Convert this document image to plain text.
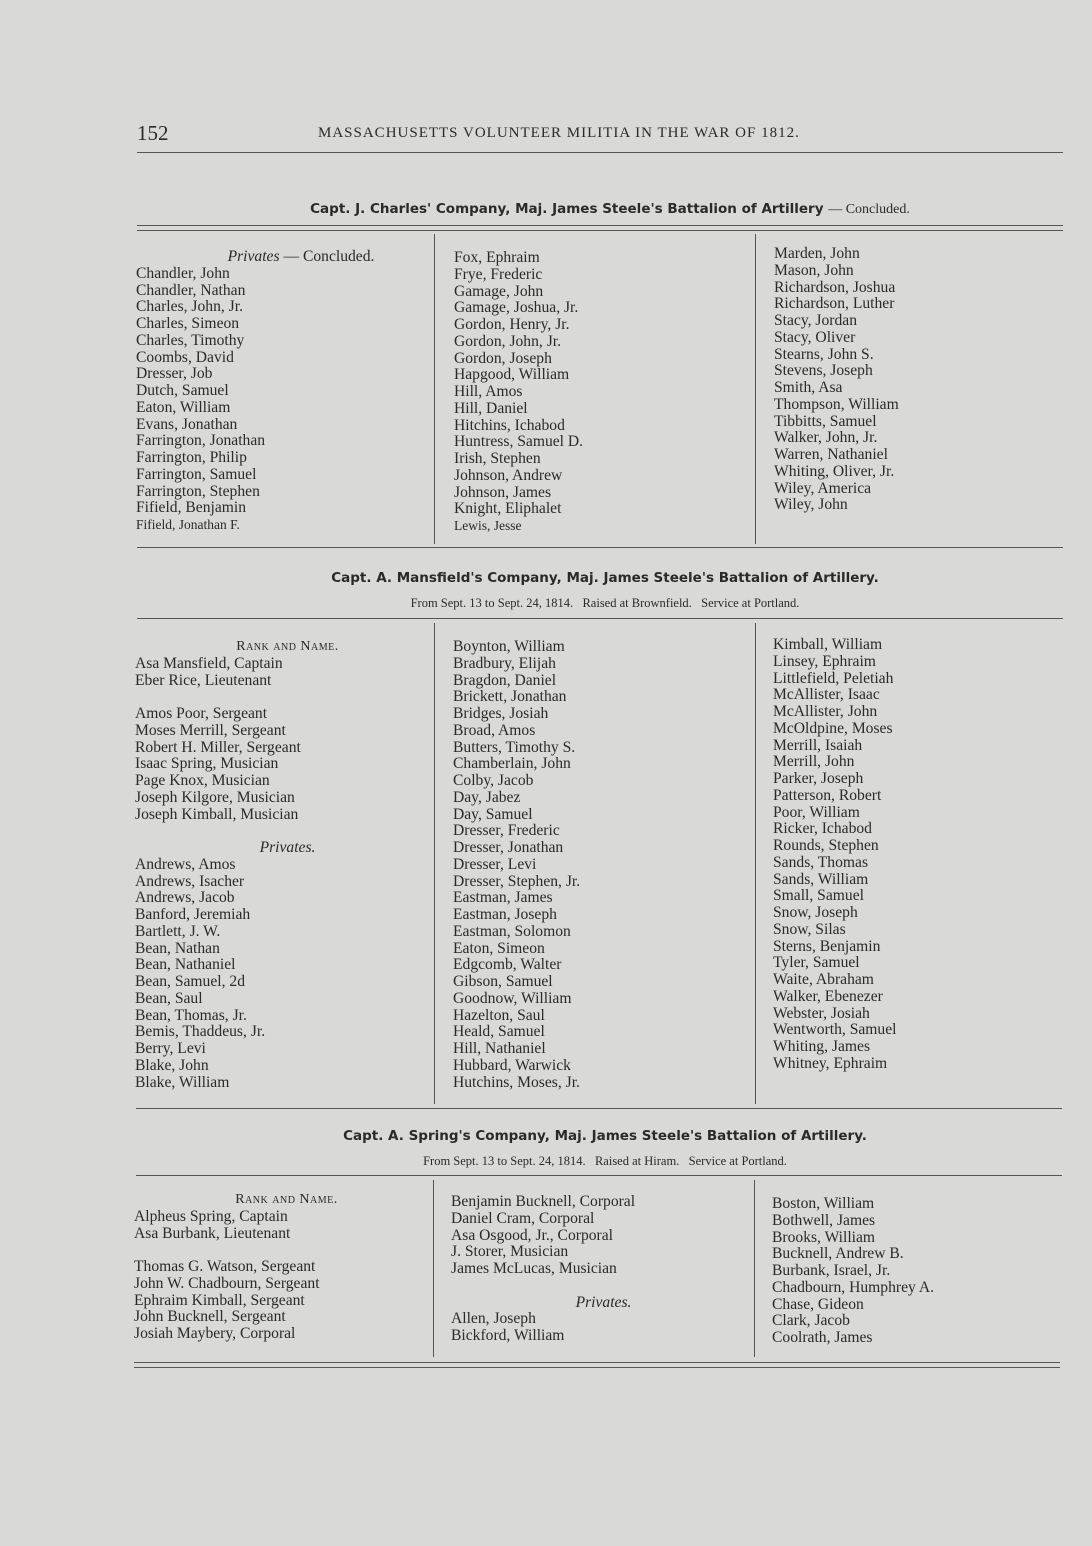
152	MASSACHUSETTS VOLUNTEER MILITIA IN THE WAR OF 1812.
Capt. J. Charles' Company, Maj. James Steele's Battalion of Artillery — Concluded.
Privates — Concluded.
Chandler, John
Chandler, Nathan
Charles, John, Jr.
Charles, Simeon
Charles, Timothy
Coombs, David
Dresser, Job
Dutch, Samuel
Eaton, William
Evans, Jonathan
Farrington, Jonathan
Farrington, Philip
Farrington, Samuel
Farrington, Stephen
Fifield, Benjamin
Fifield, Jonathan F.
Fox, Ephraim
Frye, Frederic
Gamage, John
Gamage, Joshua, Jr.
Gordon, Henry, Jr.
Gordon, John, Jr.
Gordon, Joseph
Hapgood, William
Hill, Amos
Hill, Daniel
Hitchins, Ichabod
Huntress, Samuel D.
Irish, Stephen
Johnson, Andrew
Johnson, James
Knight, Eliphalet
Lewis, Jesse
Marden, John
Mason, John
Richardson, Joshua
Richardson, Luther
Stacy, Jordan
Stacy, Oliver
Stearns, John S.
Stevens, Joseph
Smith, Asa
Thompson, William
Tibbitts, Samuel
Walker, John, Jr.
Warren, Nathaniel
Whiting, Oliver, Jr.
Wiley, America
Wiley, John
Capt. A. Mansfield's Company, Maj. James Steele's Battalion of Artillery.
From Sept. 13 to Sept. 24, 1814.   Raised at Brownfield.   Service at Portland.
Rank and Name.
Asa Mansfield, Captain
Eber Rice, Lieutenant
Amos Poor, Sergeant
Moses Merrill, Sergeant
Robert H. Miller, Sergeant
Isaac Spring, Musician
Page Knox, Musician
Joseph Kilgore, Musician
Joseph Kimball, Musician
Privates.
Andrews, Amos
Andrews, Isacher
Andrews, Jacob
Banford, Jeremiah
Bartlett, J. W.
Bean, Nathan
Bean, Nathaniel
Bean, Samuel, 2d
Bean, Saul
Bean, Thomas, Jr.
Bemis, Thaddeus, Jr.
Berry, Levi
Blake, John
Blake, William
Boynton, William
Bradbury, Elijah
Bragdon, Daniel
Brickett, Jonathan
Bridges, Josiah
Broad, Amos
Butters, Timothy S.
Chamberlain, John
Colby, Jacob
Day, Jabez
Day, Samuel
Dresser, Frederic
Dresser, Jonathan
Dresser, Levi
Dresser, Stephen, Jr.
Eastman, James
Eastman, Joseph
Eastman, Solomon
Eaton, Simeon
Edgcomb, Walter
Gibson, Samuel
Goodnow, William
Hazelton, Saul
Heald, Samuel
Hill, Nathaniel
Hubbard, Warwick
Hutchins, Moses, Jr.
Kimball, William
Linsey, Ephraim
Littlefield, Peletiah
McAllister, Isaac
McAllister, John
McOldpine, Moses
Merrill, Isaiah
Merrill, John
Parker, Joseph
Patterson, Robert
Poor, William
Ricker, Ichabod
Rounds, Stephen
Sands, Thomas
Sands, William
Small, Samuel
Snow, Joseph
Snow, Silas
Sterns, Benjamin
Tyler, Samuel
Waite, Abraham
Walker, Ebenezer
Webster, Josiah
Wentworth, Samuel
Whiting, James
Whitney, Ephraim
Capt. A. Spring's Company, Maj. James Steele's Battalion of Artillery.
From Sept. 13 to Sept. 24, 1814.   Raised at Hiram.   Service at Portland.
Rank and Name.
Alpheus Spring, Captain
Asa Burbank, Lieutenant
Thomas G. Watson, Sergeant
John W. Chadbourn, Sergeant
Ephraim Kimball, Sergeant
John Bucknell, Sergeant
Josiah Maybery, Corporal
Benjamin Bucknell, Corporal
Daniel Cram, Corporal
Asa Osgood, Jr., Corporal
J. Storer, Musician
James McLucas, Musician
Privates.
Allen, Joseph
Bickford, William
Boston, William
Bothwell, James
Brooks, William
Bucknell, Andrew B.
Burbank, Israel, Jr.
Chadbourn, Humphrey A.
Chase, Gideon
Clark, Jacob
Coolrath, James
